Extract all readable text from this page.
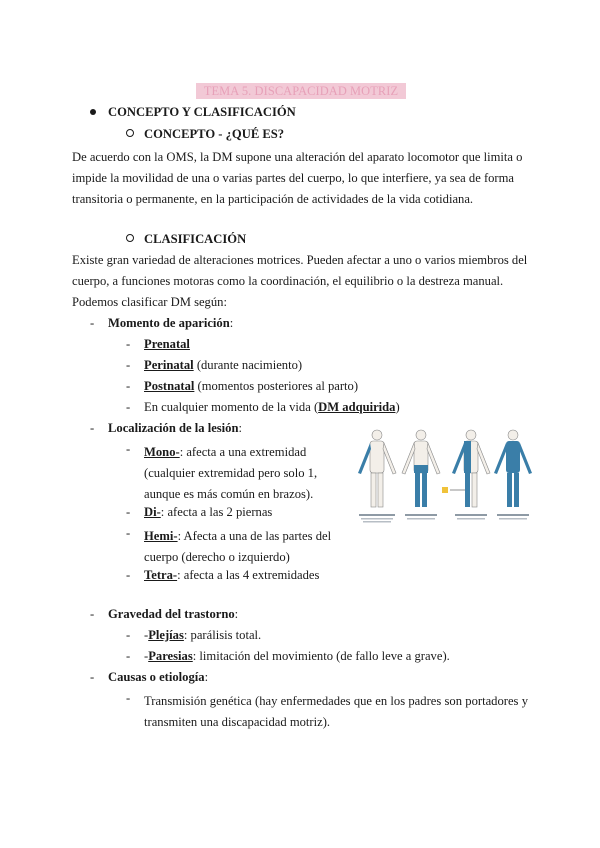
TEMA 5. DISCAPACIDAD MOTRIZ
CONCEPTO Y CLASIFICACIÓN
CONCEPTO - ¿QUÉ ES?
De acuerdo con la OMS, la DM supone una alteración del aparato locomotor que limita o
impide la movilidad de una o varias partes del cuerpo, lo que interfiere, ya sea de forma
transitoria o permanente, en la participación de actividades de la vida cotidiana.
CLASIFICACIÓN
Existe gran variedad de alteraciones motrices. Pueden afectar a uno o varios miembros del
cuerpo, a funciones motoras como la coordinación, el equilibrio o la destreza manual.
Podemos clasificar DM según:
- Momento de aparición:
- Prenatal
- Perinatal (durante nacimiento)
- Postnatal (momentos posteriores al parto)
- En cualquier momento de la vida (DM adquirida)
- Localización de la lesión:
- Mono-: afecta a una extremidad
(cualquier extremidad pero solo 1,
aunque es más común en brazos).
- Di-: afecta a las 2 piernas
- Hemi-: Afecta a una de las partes del
cuerpo (derecho o izquierdo)
- Tetra-: afecta a las 4 extremidades
- Gravedad del trastorno:
- -Plejías: parálisis total.
- -Paresias: limitación del movimiento (de fallo leve a grave).
- Causas o etiología:
- Transmisión genética (hay enfermedades que en los padres son portadores y
transmiten una discapacidad motriz).
